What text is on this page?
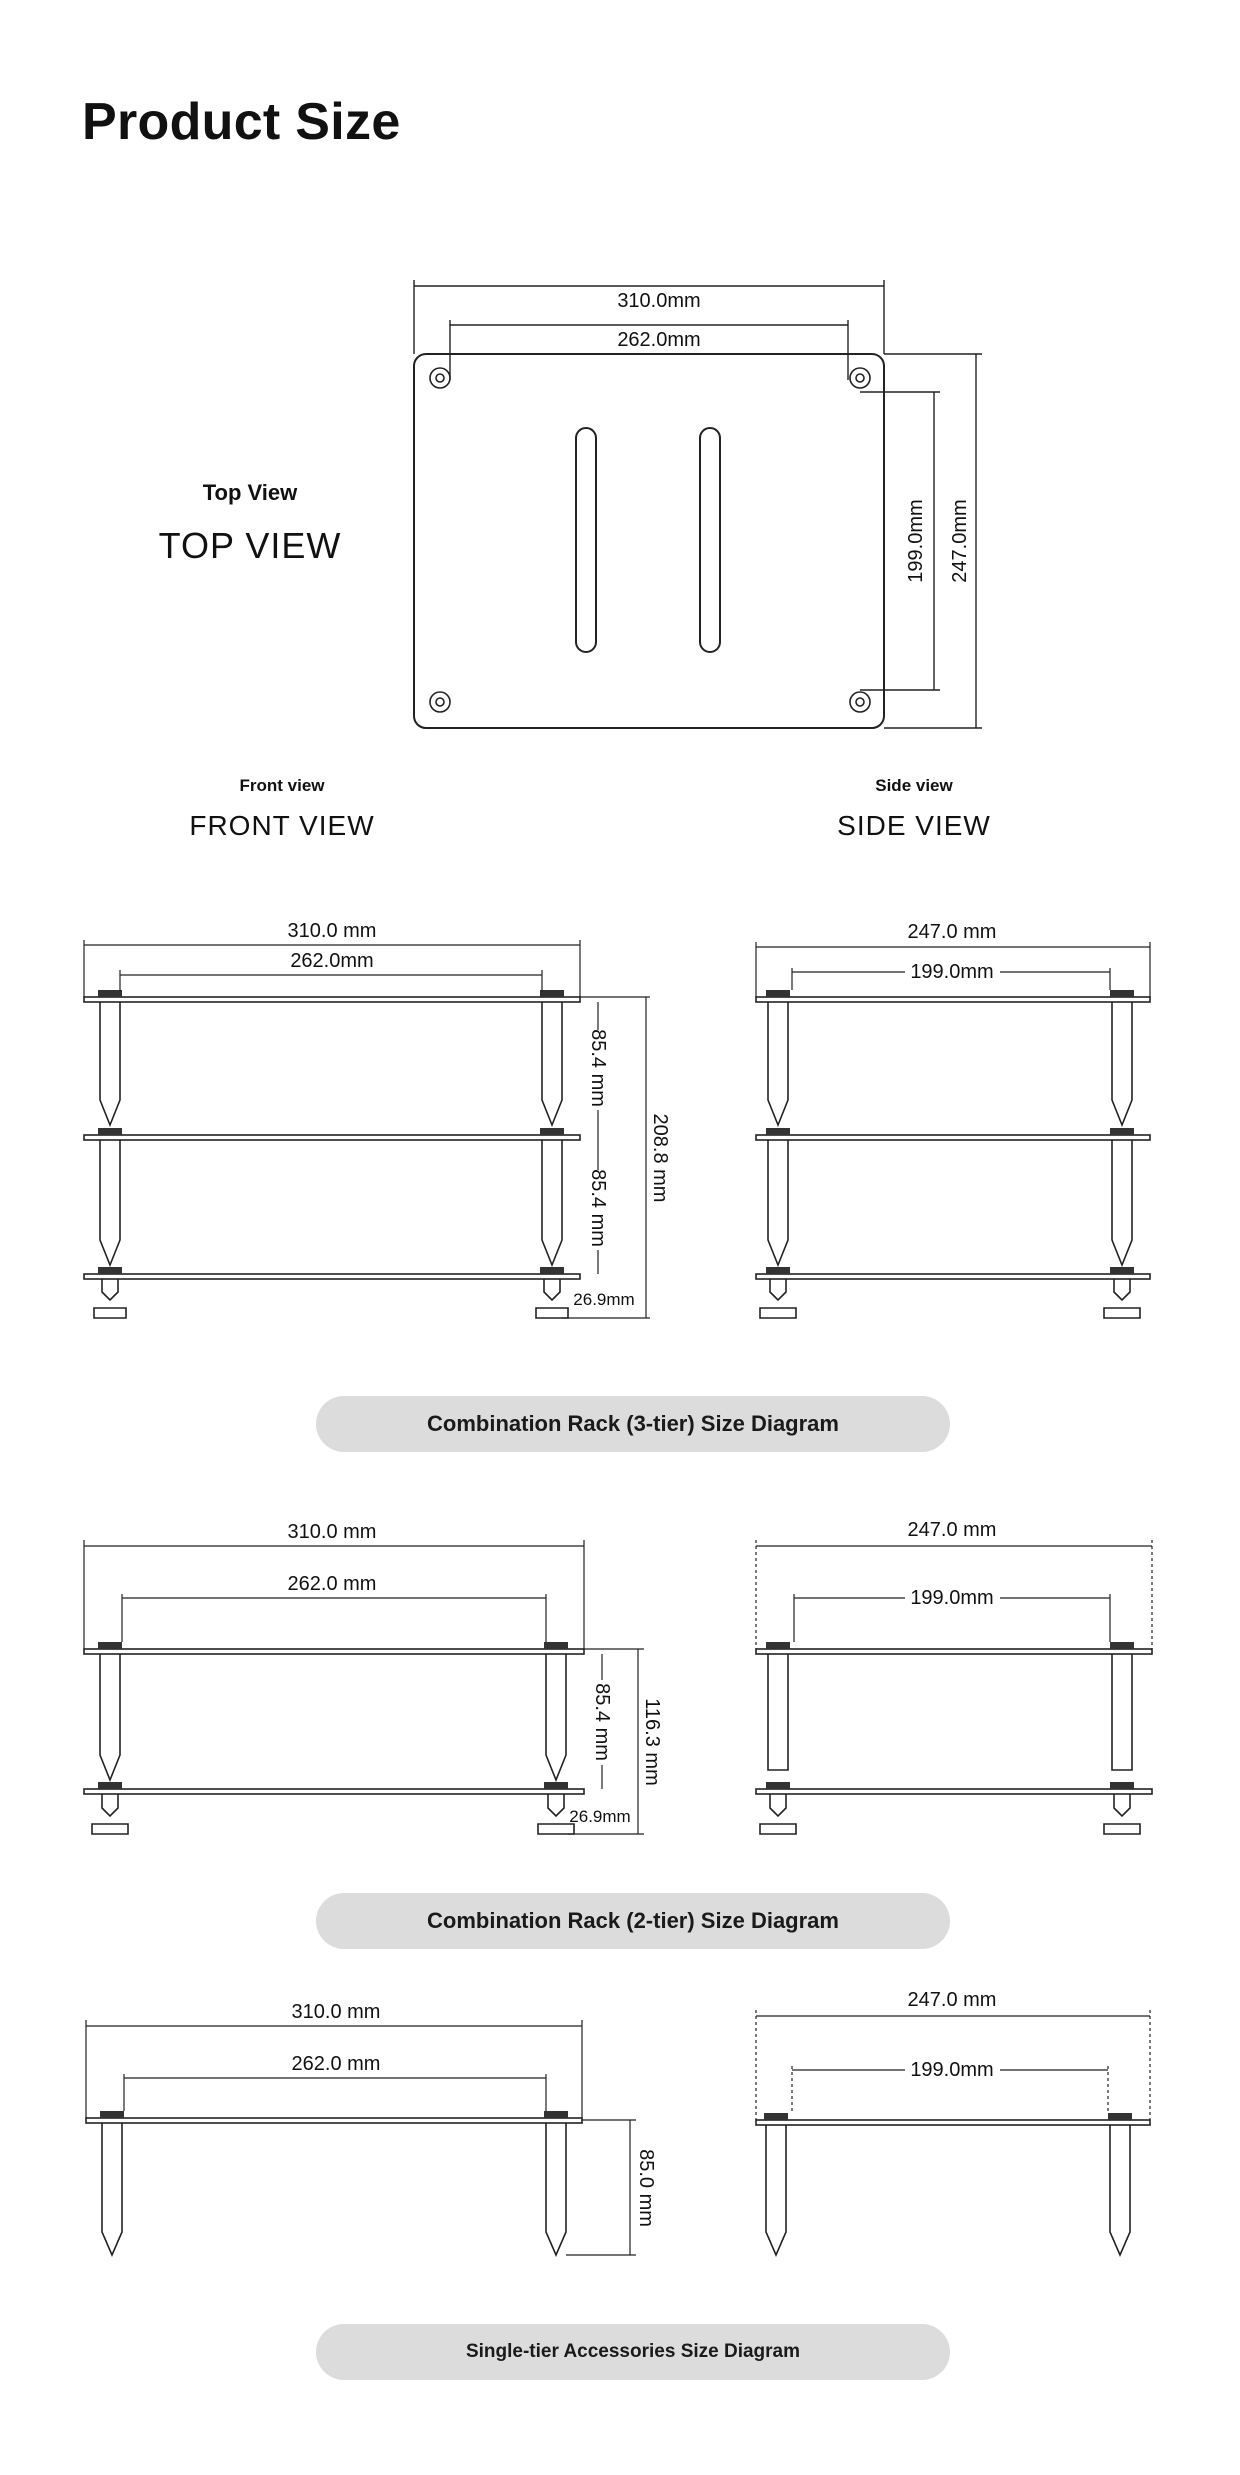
Product Size
Top View
TOP VIEW
310.0mm
262.0mm
199.0mm 247.0mm
Front view
FRONT VIEW
Side view
SIDE VIEW
310.0 mm
262.0mm
85.4 mm
85.4 mm
208.8 mm
26.9mm
247.0 mm
199.0mm
Combination Rack (3-tier) Size Diagram
310.0 mm
262.0 mm
85.4 mm 116.3 mm
26.9mm
247.0 mm
199.0mm
Combination Rack (2-tier) Size Diagram
310.0 mm
262.0 mm
85.0 mm
247.0 mm
199.0mm
Single-tier Accessories Size Diagram
